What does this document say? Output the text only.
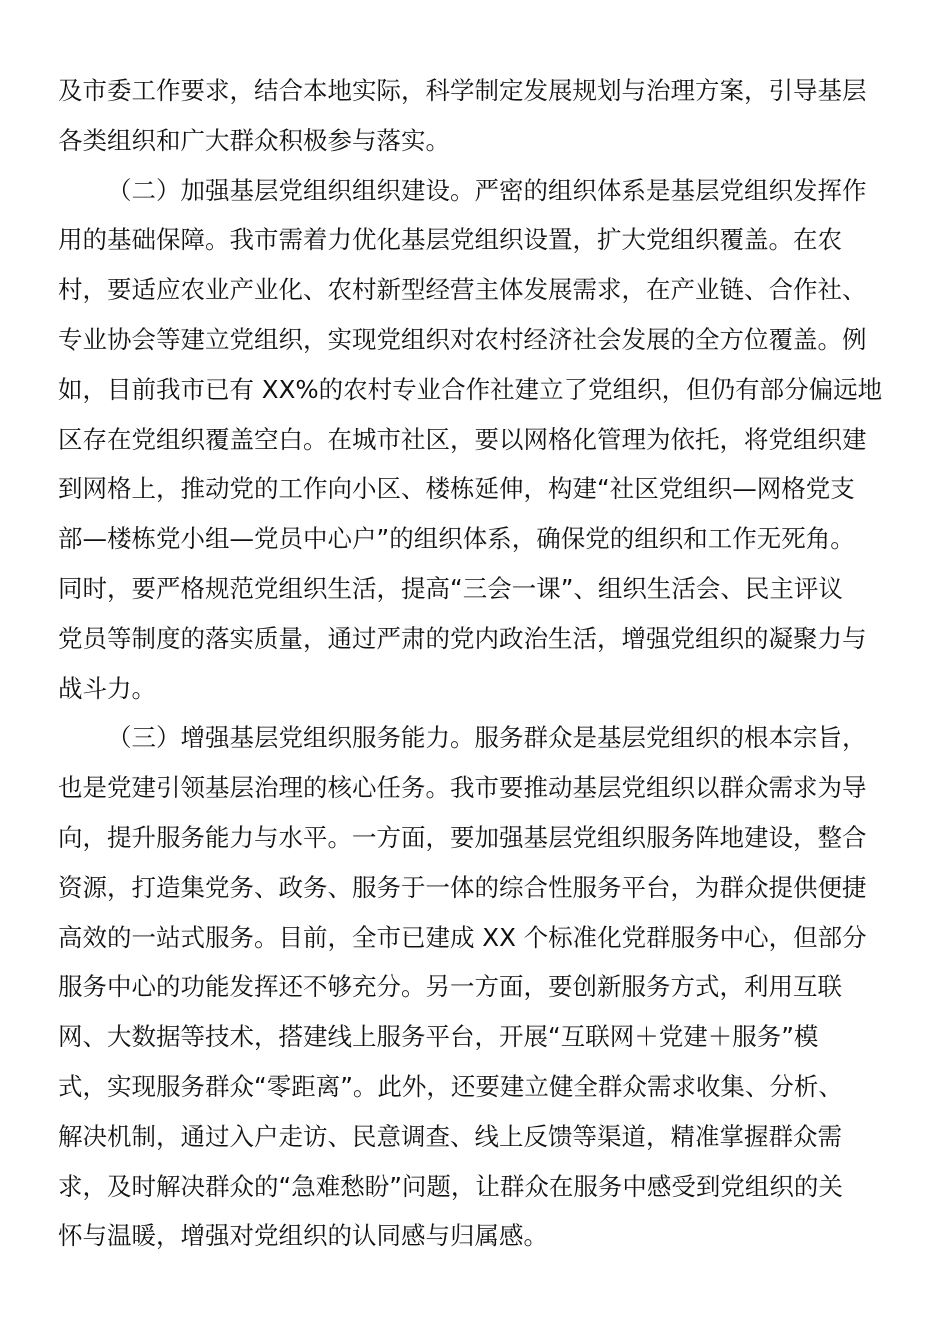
及市委工作要求，结合本地实际，科学制定发展规划与治理方案，引导基层
各类组织和广大群众积极参与落实。
（二）加强基层党组织组织建设。严密的组织体系是基层党组织发挥作
用的基础保障。我市需着力优化基层党组织设置，扩大党组织覆盖。在农
村，要适应农业产业化、农村新型经营主体发展需求，在产业链、合作社、
专业协会等建立党组织，实现党组织对农村经济社会发展的全方位覆盖。例
如，目前我市已有 XX%的农村专业合作社建立了党组织，但仍有部分偏远地
区存在党组织覆盖空白。在城市社区，要以网格化管理为依托，将党组织建
到网格上，推动党的工作向小区、楼栋延伸，构建“社区党组织—网格党支
部—楼栋党小组—党员中心户”的组织体系，确保党的组织和工作无死角。
同时，要严格规范党组织生活，提高“三会一课”、组织生活会、民主评议
党员等制度的落实质量，通过严肃的党内政治生活，增强党组织的凝聚力与
战斗力。
（三）增强基层党组织服务能力。服务群众是基层党组织的根本宗旨，
也是党建引领基层治理的核心任务。我市要推动基层党组织以群众需求为导
向，提升服务能力与水平。一方面，要加强基层党组织服务阵地建设，整合
资源，打造集党务、政务、服务于一体的综合性服务平台，为群众提供便捷
高效的一站式服务。目前，全市已建成 XX 个标准化党群服务中心，但部分
服务中心的功能发挥还不够充分。另一方面，要创新服务方式，利用互联
网、大数据等技术，搭建线上服务平台，开展“互联网＋党建＋服务”模
式，实现服务群众“零距离”。此外，还要建立健全群众需求收集、分析、
解决机制，通过入户走访、民意调查、线上反馈等渠道，精准掌握群众需
求，及时解决群众的“急难愁盼”问题，让群众在服务中感受到党组织的关
怀与温暖，增强对党组织的认同感与归属感。
